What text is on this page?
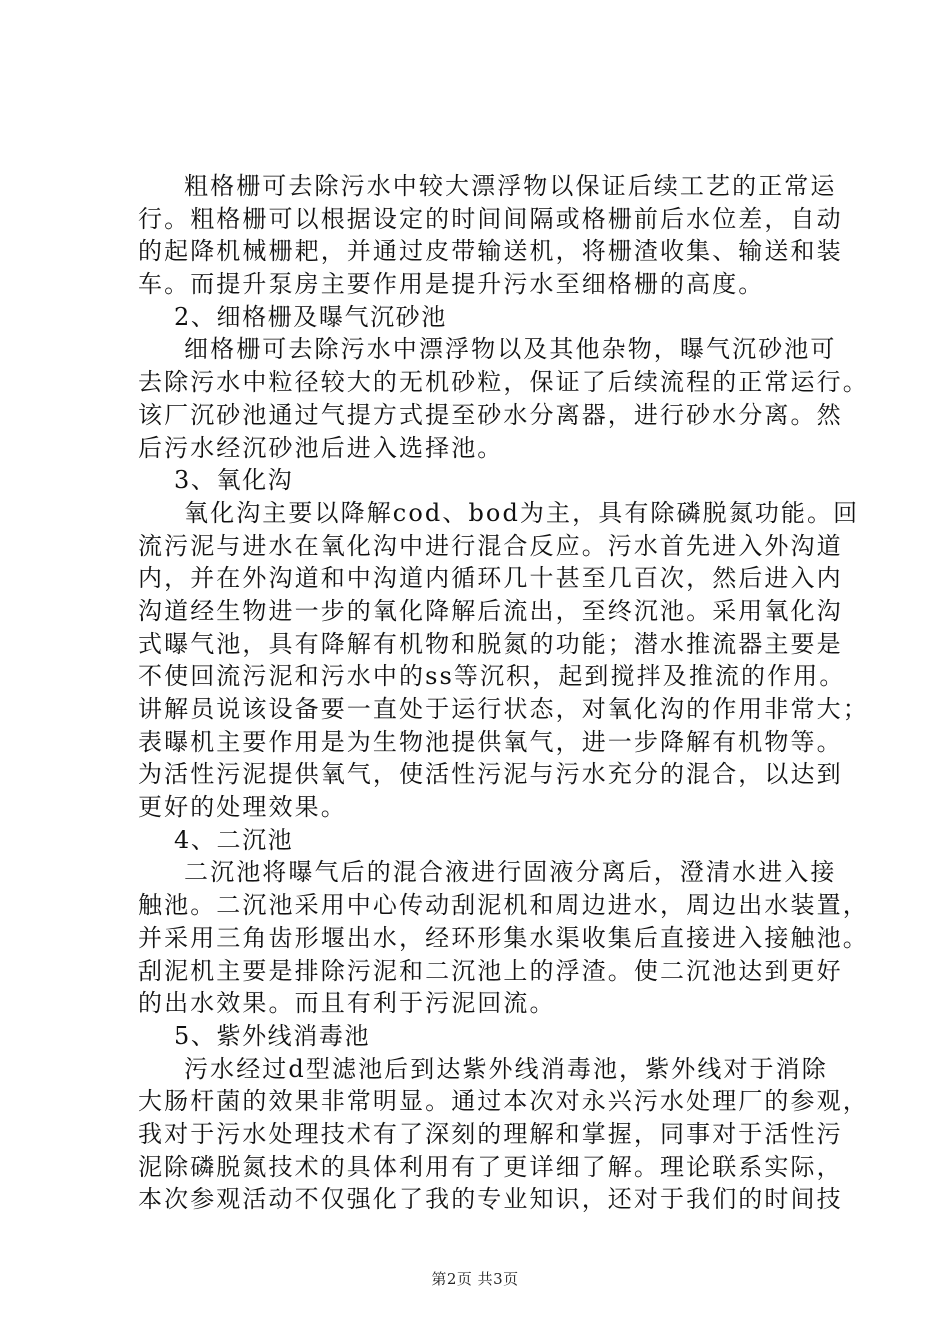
粗格栅可去除污水中较大漂浮物以保证后续工艺的正常运
行。粗格栅可以根据设定的时间间隔或格栅前后水位差，自动
的起降机械栅耙，并通过皮带输送机，将栅渣收集、输送和装
车。而提升泵房主要作用是提升污水至细格栅的高度。
2、细格栅及曝气沉砂池
细格栅可去除污水中漂浮物以及其他杂物，曝气沉砂池可
去除污水中粒径较大的无机砂粒，保证了后续流程的正常运行。
该厂沉砂池通过气提方式提至砂水分离器，进行砂水分离。然
后污水经沉砂池后进入选择池。
3、氧化沟
氧化沟主要以降解cod、bod为主，具有除磷脱氮功能。回
流污泥与进水在氧化沟中进行混合反应。污水首先进入外沟道
内，并在外沟道和中沟道内循环几十甚至几百次，然后进入内
沟道经生物进一步的氧化降解后流出，至终沉池。采用氧化沟
式曝气池，具有降解有机物和脱氮的功能；潜水推流器主要是
不使回流污泥和污水中的ss等沉积，起到搅拌及推流的作用。
讲解员说该设备要一直处于运行状态，对氧化沟的作用非常大；
表曝机主要作用是为生物池提供氧气，进一步降解有机物等。
为活性污泥提供氧气，使活性污泥与污水充分的混合，以达到
更好的处理效果。
4、二沉池
二沉池将曝气后的混合液进行固液分离后，澄清水进入接
触池。二沉池采用中心传动刮泥机和周边进水，周边出水装置，
并采用三角齿形堰出水，经环形集水渠收集后直接进入接触池。
刮泥机主要是排除污泥和二沉池上的浮渣。使二沉池达到更好
的出水效果。而且有利于污泥回流。
5、紫外线消毒池
污水经过d型滤池后到达紫外线消毒池，紫外线对于消除
大肠杆菌的效果非常明显。通过本次对永兴污水处理厂的参观，
我对于污水处理技术有了深刻的理解和掌握，同事对于活性污
泥除磷脱氮技术的具体利用有了更详细了解。理论联系实际，
本次参观活动不仅强化了我的专业知识，还对于我们的时间技
第2页 共3页
